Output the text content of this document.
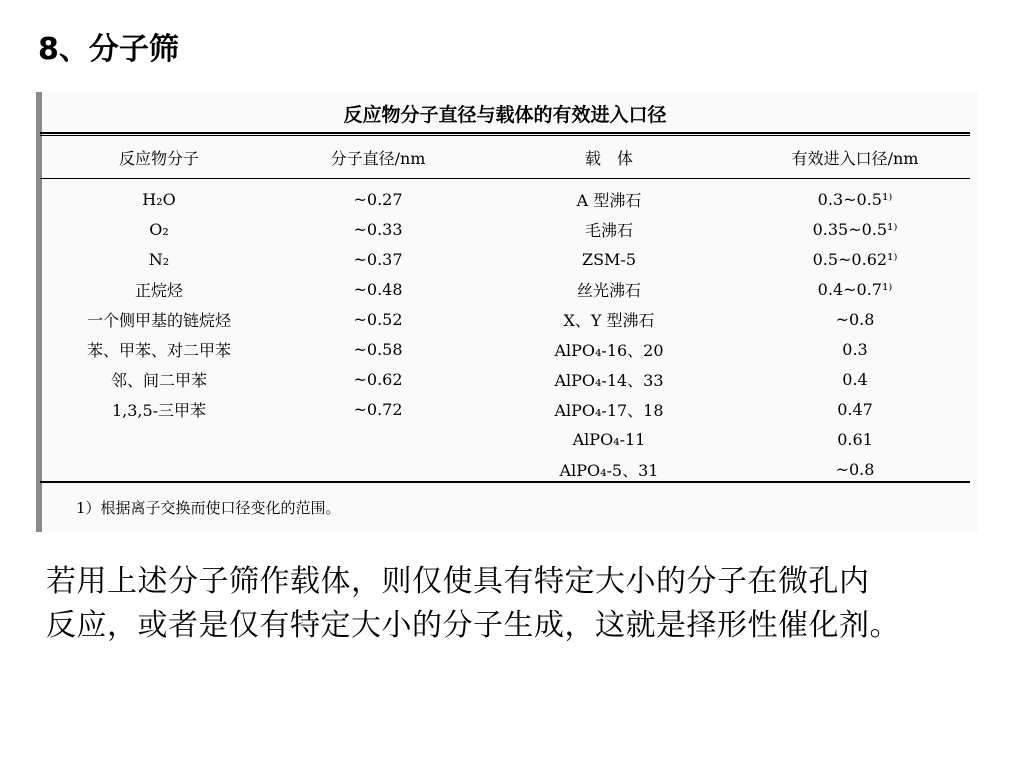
8、分子筛
反应物分子直径与载体的有效进入口径
反应物分子	分子直径/nm	载　体	有效进入口径/nm
H₂O	~0.27	A 型沸石	0.3~0.5¹⁾
O₂	~0.33	毛沸石	0.35~0.5¹⁾
N₂	~0.37	ZSM-5	0.5~0.62¹⁾
正烷烃	~0.48	丝光沸石	0.4~0.7¹⁾
一个侧甲基的链烷烃	~0.52	X、Y 型沸石	~0.8
苯、甲苯、对二甲苯	~0.58	AlPO₄-16、20	0.3
邻、间二甲苯	~0.62	AlPO₄-14、33	0.4
1,3,5-三甲苯	~0.72	AlPO₄-17、18	0.47
		AlPO₄-11	0.61
		AlPO₄-5、31	~0.8
1）根据离子交换而使口径变化的范围。

若用上述分子筛作载体，则仅使具有特定大小的分子在微孔内

反应，或者是仅有特定大小的分子生成，这就是择形性催化剂。
